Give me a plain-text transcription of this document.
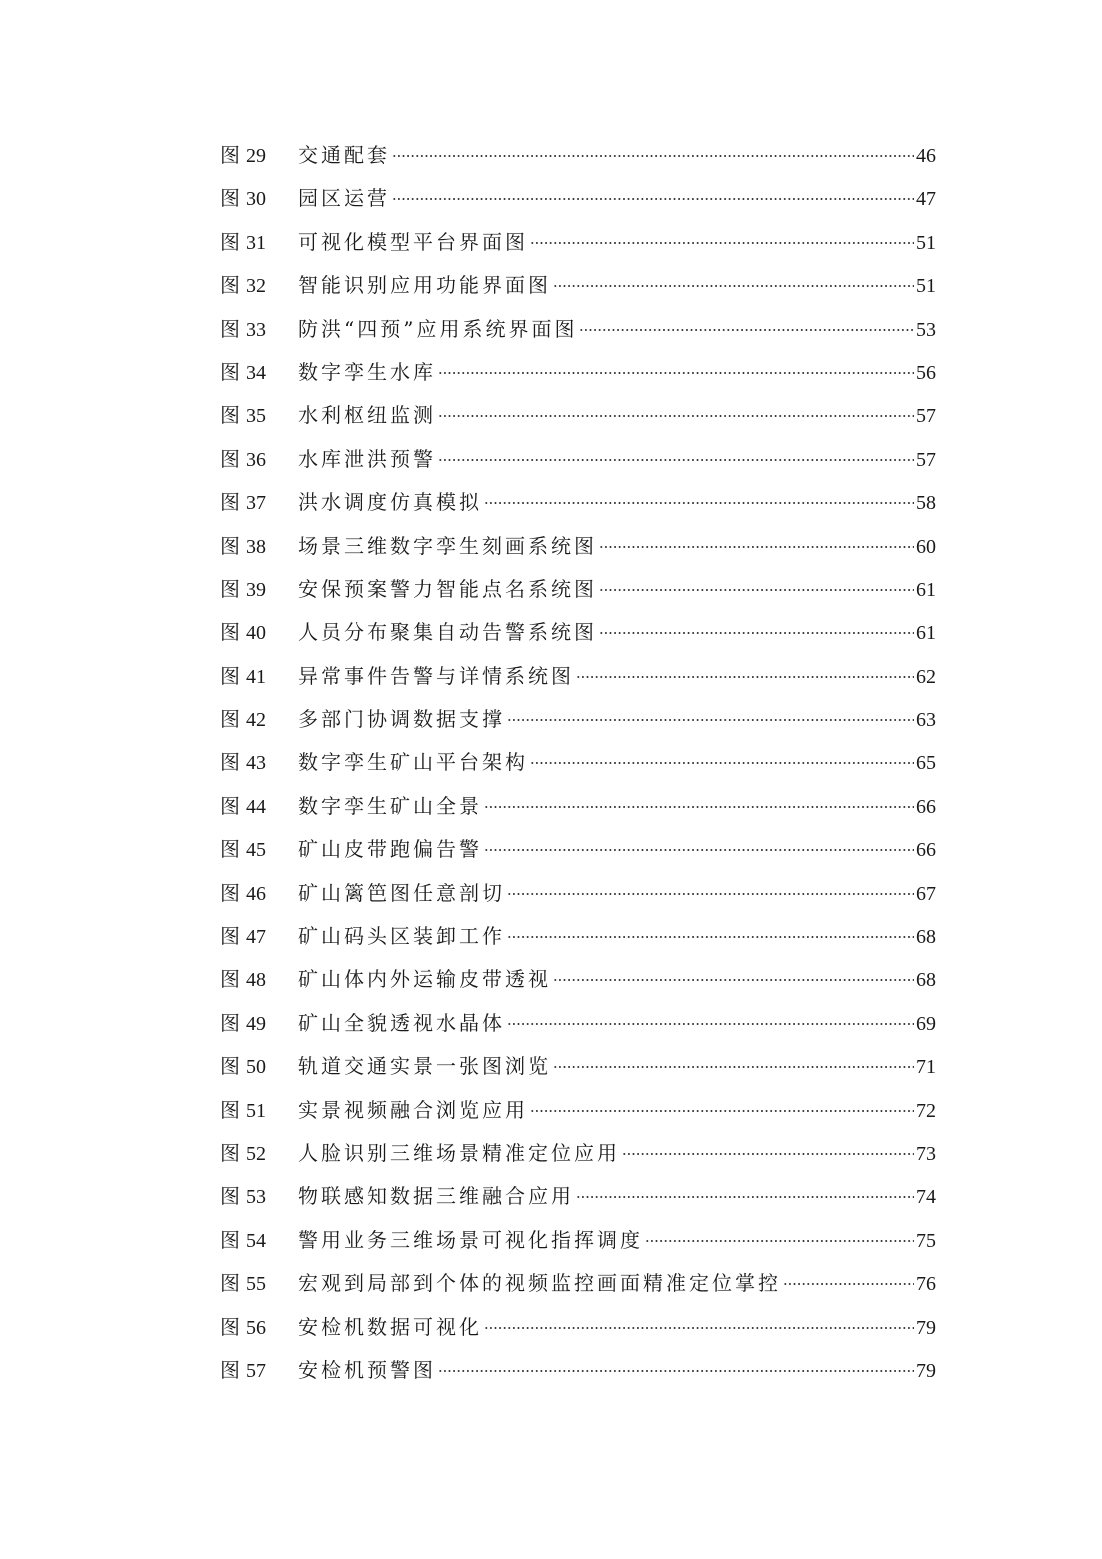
图 29	交通配套	46
图 30	园区运营	47
图 31	可视化模型平台界面图	51
图 32	智能识别应用功能界面图	51
图 33	防洪“四预”应用系统界面图	53
图 34	数字孪生水库	56
图 35	水利枢纽监测	57
图 36	水库泄洪预警	57
图 37	洪水调度仿真模拟	58
图 38	场景三维数字孪生刻画系统图	60
图 39	安保预案警力智能点名系统图	61
图 40	人员分布聚集自动告警系统图	61
图 41	异常事件告警与详情系统图	62
图 42	多部门协调数据支撑	63
图 43	数字孪生矿山平台架构	65
图 44	数字孪生矿山全景	66
图 45	矿山皮带跑偏告警	66
图 46	矿山篱笆图任意剖切	67
图 47	矿山码头区装卸工作	68
图 48	矿山体内外运输皮带透视	68
图 49	矿山全貌透视水晶体	69
图 50	轨道交通实景一张图浏览	71
图 51	实景视频融合浏览应用	72
图 52	人脸识别三维场景精准定位应用	73
图 53	物联感知数据三维融合应用	74
图 54	警用业务三维场景可视化指挥调度	75
图 55	宏观到局部到个体的视频监控画面精准定位掌控	76
图 56	安检机数据可视化	79
图 57	安检机预警图	79
